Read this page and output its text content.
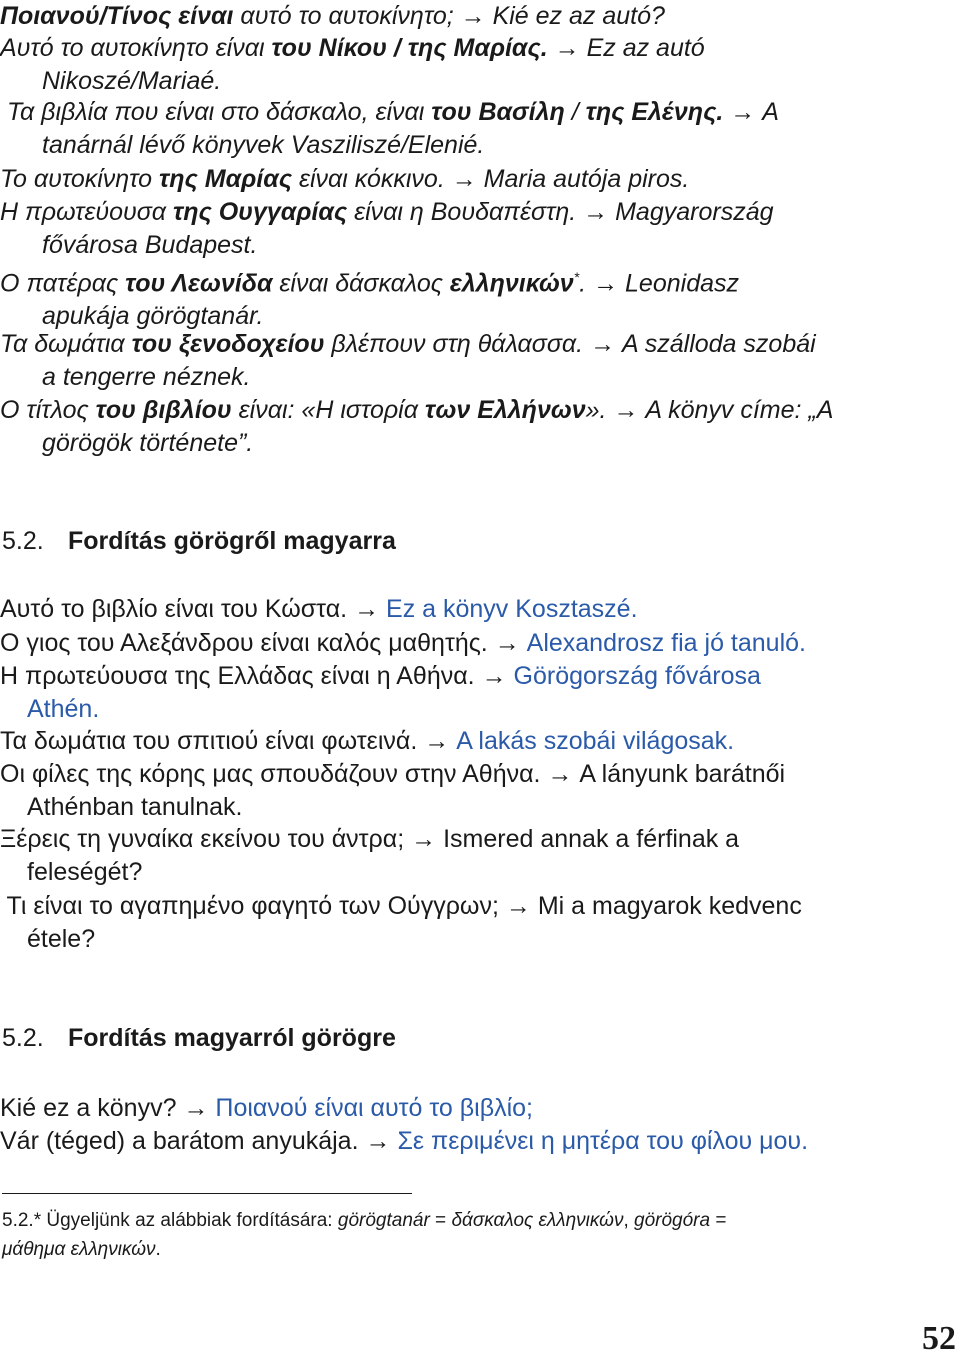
Ποιανού/Τίνος είναι αυτό το αυτοκίνητο; → Kié ez az autó?
Αυτό το αυτοκίνητο είναι του Νίκου / της Μαρίας. → Ez az autó
Nikoszé/Mariaé.
Τα βιβλία που είναι στο δάσκαλο, είναι του Βασίλη / της Ελένης. → A
tanárnál lévő könyvek Vasziliszé/Elenié.
Το αυτοκίνητο της Μαρίας είναι κόκκινο. → Maria autója piros.
Η πρωτεύουσα της Ουγγαρίας είναι η Βουδαπέστη. → Magyarország
fővárosa Budapest.
Ο πατέρας του Λεωνίδα είναι δάσκαλος ελληνικών*. → Leonidasz
apukája görögtanár.
Τα δωμάτια του ξενοδοχείου βλέπουν στη θάλασσα. → A szálloda szobái
a tengerre néznek.
Ο τίτλος του βιβλίου είναι: «Η ιστορία των Ελλήνων». → A könyv címe: „A
görögök története”.
5.2. Fordítás görögről magyarra
Αυτό το βιβλίο είναι του Κώστα. → Ez a könyv Kosztaszé.
Ο γιος του Αλεξάνδρου είναι καλός μαθητής. → Alexandrosz fia jó tanuló.
Η πρωτεύουσα της Ελλάδας είναι η Αθήνα. → Görögország fővárosa
Athén.
Τα δωμάτια του σπιτιού είναι φωτεινά. → A lakás szobái világosak.
Οι φίλες της κόρης μας σπουδάζουν στην Αθήνα. → A lányunk barátnői
Athénban tanulnak.
Ξέρεις τη γυναίκα εκείνου του άντρα; → Ismered annak a férfinak a
feleségét?
Τι είναι το αγαπημένο φαγητό των Ούγγρων; → Mi a magyarok kedvenc
étele?
5.2. Fordítás magyarról görögre
Kié ez a könyv? → Ποιανού είναι αυτό το βιβλίο;
Vár (téged) a barátom anyukája. → Σε περιμένει η μητέρα του φίλου μου.
5.2.* Ügyeljünk az alábbiak fordítására: görögtanár = δάσκαλος ελληνικών, görögóra =
μάθημα ελληνικών.
52
